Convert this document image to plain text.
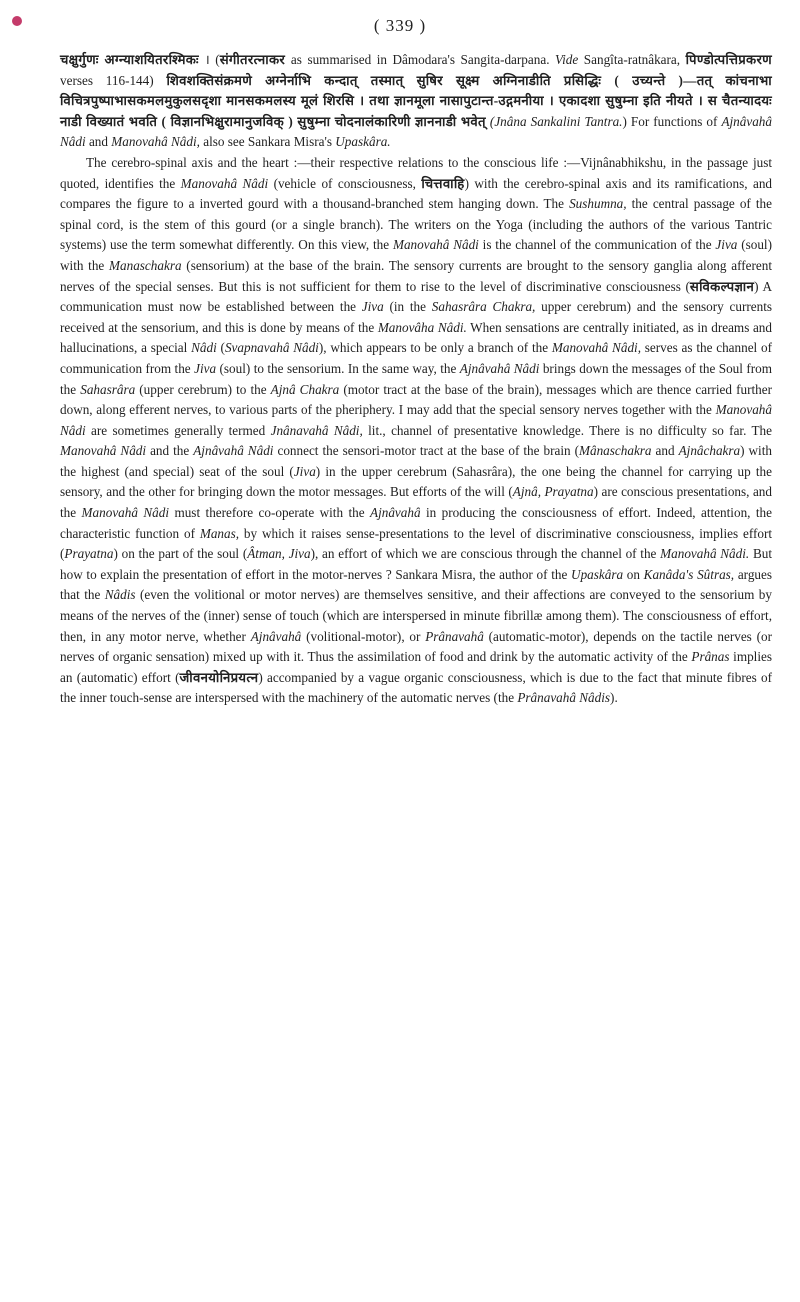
( 339 )

चक्षुर्गुणः अग्न्याशयितरश्मिकः । (संगीतरत्नाकर as summarised in Dâmodara's Sangita-darpana. Vide Sangîta-ratnâkara, पिण्डोत्पत्तिप्रकरण verses 116-144) शिवशक्तिसंक्रमणे अग्नेर्नाभि कन्दात् तस्मात् सुषिर सूक्ष्म अग्निनाडीति प्रसिद्धिः ( उच्यन्ते )—तत् कांचनाभा विचित्रपुष्पाभासकमलमुकुलसदृशा मानसकमलस्य मूलं शिरसि । तथा ज्ञानमूला नासापुटान्त-उद्गमनीया । एकादशा सुषुम्ना इति नीयते । स चैतन्यादयः नाडी विख्यातं भवति ( विज्ञानभिक्षुरामानुजविक् ) सुषुम्ना चोदनालंकारिणी ज्ञाननाडी भवेत् (Jnâna Sankalini Tantra.) For functions of Ajnâvahâ Nâdi and Manovahâ Nâdi, also see Sankara Misra's Upaskâra.

The cerebro-spinal axis and the heart :—their respective relations to the conscious life :—Vijnânabhikshu, in the passage just quoted, identifies the Manovahâ Nâdi (vehicle of consciousness, चित्तवाहि) with the cerebro-spinal axis and its ramifications, and compares the figure to a inverted gourd with a thousand-branched stem hanging down. The Sushumna, the central passage of the spinal cord, is the stem of this gourd (or a single branch). The writers on the Yoga (including the authors of the various Tantric systems) use the term somewhat differently. On this view, the Manovahâ Nâdi is the channel of the communication of the Jiva (soul) with the Manaschakra (sensorium) at the base of the brain. The sensory currents are brought to the sensory ganglia along afferent nerves of the special senses. But this is not sufficient for them to rise to the level of discriminative consciousness (सविकल्पज्ञान) A communication must now be established between the Jiva (in the Sahasrâra Chakra, upper cerebrum) and the sensory currents received at the sensorium, and this is done by means of the Manovâha Nâdi. When sensations are centrally initiated, as in dreams and hallucinations, a special Nâdi (Svapnavahâ Nâdi), which appears to be only a branch of the Manovahâ Nâdi, serves as the channel of communication from the Jiva (soul) to the sensorium. In the same way, the Ajnâvahâ Nâdi brings down the messages of the Soul from the Sahasrâra (upper cerebrum) to the Ajnâ Chakra (motor tract at the base of the brain), messages which are thence carried further down, along efferent nerves, to various parts of the pheriphery. I may add that the special sensory nerves together with the Manovahâ Nâdi are sometimes generally termed Jnânavahâ Nâdi, lit., channel of presentative knowledge. There is no difficulty so far. The Manovahâ Nâdi and the Ajnâvahâ Nâdi connect the sensori-motor tract at the base of the brain (Mânaschakra and Ajnâchakra) with the highest (and special) seat of the soul (Jiva) in the upper cerebrum (Sahasrâra), the one being the channel for carrying up the sensory, and the other for bringing down the motor messages. But efforts of the will (Ajnâ, Prayatna) are conscious presentations, and the Manovahâ Nâdi must therefore co-operate with the Ajnâvahâ in producing the consciousness of effort. Indeed, attention, the characteristic function of Manas, by which it raises sense-presentations to the level of discriminative consciousness, implies effort (Prayatna) on the part of the soul (Âtman, Jiva), an effort of which we are conscious through the channel of the Manovahâ Nâdi. But how to explain the presentation of effort in the motor-nerves ? Sankara Misra, the author of the Upaskâra on Kanâda's Sûtras, argues that the Nâdis (even the volitional or motor nerves) are themselves sensitive, and their affections are conveyed to the sensorium by means of the nerves of the (inner) sense of touch (which are interspersed in minute fibrillæ among them). The consciousness of effort, then, in any motor nerve, whether Ajnâvahâ (volitional-motor), or Prânavahâ (automatic-motor), depends on the tactile nerves (or nerves of organic sensation) mixed up with it. Thus the assimilation of food and drink by the automatic activity of the Prânas implies an (automatic) effort (जीवनयोनिप्रयत्न) accompanied by a vague organic consciousness, which is due to the fact that minute fibres of the inner touch-sense are interspersed with the machinery of the automatic nerves (the Prânavahâ Nâdis).
